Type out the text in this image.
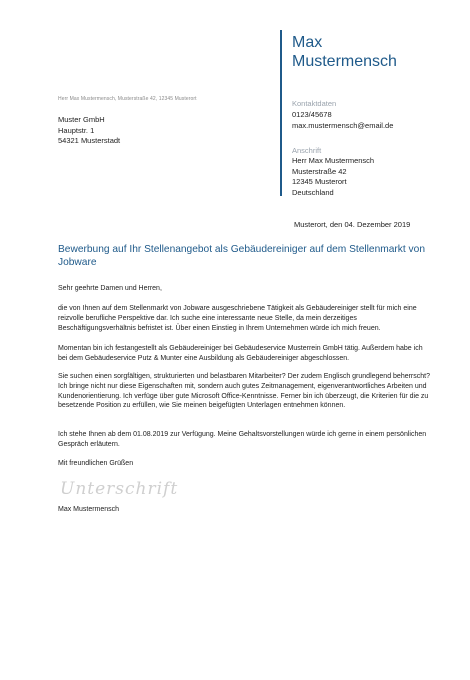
Max
Mustermensch
Kontaktdaten
0123/45678
max.mustermensch@email.de
Anschrift
Herr Max Mustermensch
Musterstraße 42
12345 Musterort
Deutschland
Herr Max Mustermensch, Musterstraße 42, 12345 Musterort
Muster GmbH
Hauptstr. 1
54321 Musterstadt
Musterort, den 04. Dezember 2019
Bewerbung auf Ihr Stellenangebot als Gebäudereiniger auf dem Stellenmarkt von Jobware
Sehr geehrte Damen und Herren,
die von Ihnen auf dem Stellenmarkt von Jobware ausgeschriebene Tätigkeit als Gebäudereiniger stellt für mich eine reizvolle berufliche Perspektive dar. Ich suche eine interessante neue Stelle, da mein derzeitiges Beschäftigungsverhältnis befristet ist. Über einen Einstieg in Ihrem Unternehmen würde ich mich freuen.
Momentan bin ich festangestellt als Gebäudereiniger bei Gebäudeservice Musterrein GmbH tätig. Außerdem habe ich bei dem Gebäudeservice Putz & Munter eine Ausbildung als Gebäudereiniger abgeschlossen.
Sie suchen einen sorgfältigen, strukturierten und belastbaren Mitarbeiter? Der zudem Englisch grundlegend beherrscht? Ich bringe nicht nur diese Eigenschaften mit, sondern auch gutes Zeitmanagement, eigenverantwortliches Arbeiten und Kundenorientierung. Ich verfüge über gute Microsoft Office-Kenntnisse. Ferner bin ich überzeugt, die Kriterien für die zu besetzende Position zu erfüllen, wie Sie meinen beigefügten Unterlagen entnehmen können.
Ich stehe Ihnen ab dem 01.08.2019 zur Verfügung. Meine Gehaltsvorstellungen würde ich gerne in einem persönlichen Gespräch erläutern.
Mit freundlichen Grüßen
Unterschrift
Max Mustermensch
